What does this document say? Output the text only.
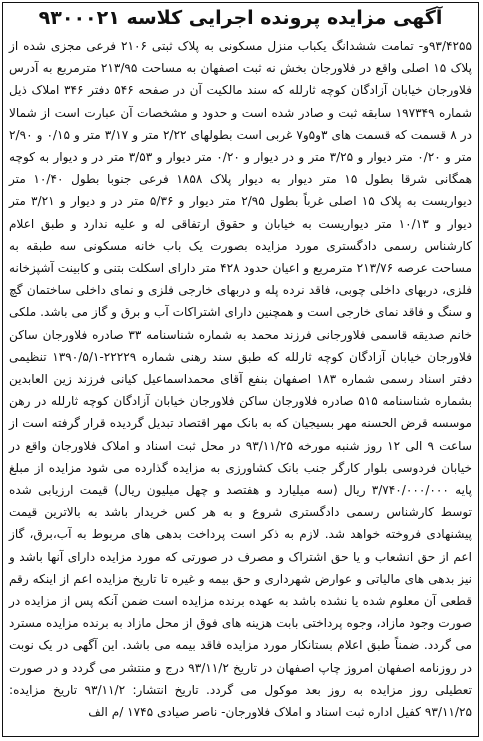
آگهی مزایده پرونده اجرایی کلاسه ۹۳۰۰۰۲۱

۹۳/۴۲۵۵و- تمامت ششدانگ یکباب منزل مسکونی به پلاک ثبتی ۲۱۰۶ فرعی مجزی شده از پلاک ۱۵ اصلی واقع در فلاورجان بخش نه ثبت اصفهان به مساحت ۲۱۳/۹۵ مترمربع به آدرس فلاورجان خیابان آزادگان کوچه ثارلله که سند مالکیت آن در صفحه ۵۴۶ دفتر ۳۴۶ املاک ذیل شماره ۱۹۷۳۴۹ سابقه ثبت و صادر شده است و حدود و مشخصات آن عبارت است از شمالا در ۸ قسمت که قسمت های ۳و۵و۷ غربی است بطولهای ۲/۲۲ متر و ۳/۱۷ متر و ۰/۱۵ و ۲/۹۰ متر و ۰/۲۰ متر دیوار و ۳/۲۵ متر و در دیوار و ۰/۲۰ متر دیوار و ۳/۵۳ متر در و دیوار به کوچه همگانی شرقا بطول ۱۵ متر دیوار به دیوار پلاک ۱۸۵۸ فرعی جنوبا بطول ۱۰/۴۰ متر دیواریست به پلاک ۱۵ اصلی غرباً بطول ۲/۹۵ متر دیوار و ۵/۳۶ متر در و دیوار و ۳/۲۱ متر دیوار و ۱۰/۱۳ متر دیواریست به خیابان و حقوق ارتفاقی له و علیه ندارد و طبق اعلام کارشناس رسمی دادگستری مورد مزایده بصورت یک باب خانه مسکونی سه طبقه به مساحت عرصه ۲۱۳/۷۶ مترمربع و اعیان حدود ۴۲۸ متر دارای اسکلت بتنی و کابینت آشپزخانه فلزی، دربهای داخلی چوبی، فاقد نرده پله و دربهای خارجی فلزی و نمای داخلی ساختمان گچ و سنگ و فاقد نمای خارجی است و همچنین دارای اشتراکات آب و برق و گاز می باشد. ملکی خانم صدیقه قاسمی فلاورجانی فرزند محمد به شماره شناسنامه ۳۳ صادره فلاورجان ساکن فلاورجان خیابان آزادگان کوچه ثارلله که طبق سند رهنی شماره ۲۲۲۲۹-۱۳۹۰/۵/۱ تنظیمی دفتر اسناد رسمی شماره ۱۸۳ اصفهان بنفع آقای محمداسماعیل کیانی فرزند زین العابدین بشماره شناسنامه ۵۱۵ صادره فلاورجان ساکن فلاورجان خیابان آزادگان کوچه ثارلله در رهن موسسه قرض الحسنه مهر بسیجیان که به بانک مهر اقتصاد تبدیل گردیده قرار گرفته است از ساعت ۹ الی ۱۲ روز شنبه مورخه ۹۳/۱۱/۲۵ در محل ثبت اسناد و املاک فلاورجان واقع در خیابان فردوسی بلوار کارگر جنب بانک کشاورزی به مزایده گذارده می شود مزایده از مبلغ پایه ۳/۷۴۰/۰۰۰/۰۰۰ ریال (سه میلیارد و هفتصد و چهل میلیون ریال) قیمت ارزیابی شده توسط کارشناس رسمی دادگستری شروع و به هر کس خریدار باشد به بالاترین قیمت پیشنهادی فروخته خواهد شد. لازم به ذکر است پرداخت بدهی های مربوط به آب،برق، گاز اعم از حق انشعاب و یا حق اشتراک و مصرف در صورتی که مورد مزایده دارای آنها باشد و نیز بدهی های مالیاتی و عوارض شهرداری و حق بیمه و غیره تا تاریخ مزایده اعم از اینکه رقم قطعی آن معلوم شده یا نشده باشد به عهده برنده مزایده است ضمن آنکه پس از مزایده در صورت وجود مازاد، وجوه پرداختی بابت هزینه های فوق از محل مازاد به برنده مزایده مسترد می گردد. ضمناً طبق اعلام بستانکار مورد مزایده فاقد بیمه می باشد. این آگهی در یک نوبت در روزنامه اصفهان امروز چاپ اصفهان در تاریخ ۹۳/۱۱/۲ درج و منتشر می گردد و در صورت تعطیلی روز مزایده به روز بعد موکول می گردد. تاریخ انتشار: ۹۳/۱۱/۲ تاریخ مزایده: ۹۳/۱۱/۲۵ کفیل اداره ثبت اسناد و املاک فلاورجان- ناصر صیادی ۱۷۴۵ /م الف
